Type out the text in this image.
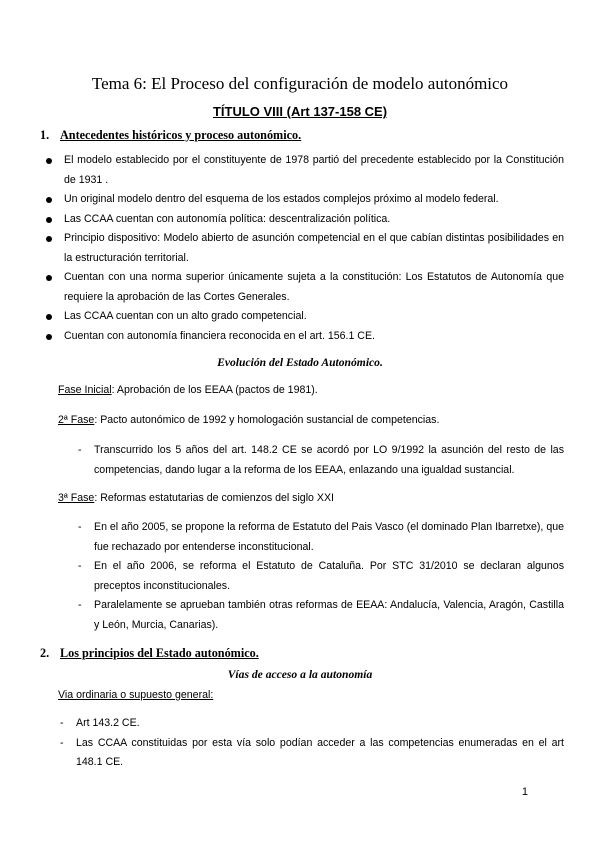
Tema 6: El Proceso del configuración de modelo autonómico
TÍTULO VIII (Art 137-158 CE)
1. Antecedentes históricos y proceso autonómico.
El modelo establecido por el constituyente de 1978 partió del precedente establecido por la Constitución de 1931 .
Un original modelo dentro del esquema de los estados complejos próximo al modelo federal.
Las CCAA cuentan con autonomía política: descentralización política.
Principio dispositivo: Modelo abierto de asunción competencial en el que cabían distintas posibilidades en la estructuración territorial.
Cuentan con una norma superior únicamente sujeta a la constitución: Los Estatutos de Autonomía que requiere la aprobación de las Cortes Generales.
Las CCAA cuentan con un alto grado competencial.
Cuentan con autonomía financiera reconocida en el art. 156.1 CE.
Evolución del Estado Autonómico.
Fase Inicial: Aprobación de los EEAA (pactos de 1981).
2ª Fase: Pacto autonómico de 1992 y homologación sustancial de competencias.
- Transcurrido los 5 años del art. 148.2 CE se acordó por LO 9/1992 la asunción del resto de las competencias, dando lugar a la reforma de los EEAA, enlazando una igualdad sustancial.
3ª Fase: Reformas estatutarias de comienzos del siglo XXI
- En el año 2005, se propone la reforma de Estatuto del Pais Vasco (el dominado Plan Ibarretxe), que fue rechazado por entenderse inconstitucional.
- En el año 2006, se reforma el Estatuto de Cataluña. Por STC 31/2010 se declaran algunos preceptos inconstitucionales.
- Paralelamente se aprueban también otras reformas de EEAA: Andalucía, Valencia, Aragón, Castilla y León, Murcia, Canarias).
2. Los principios del Estado autonómico.
Vías de acceso a la autonomía
Via ordinaria o supuesto general:
- Art 143.2 CE.
- Las CCAA constituidas por esta vía solo podían acceder a las competencias enumeradas en el art 148.1 CE.
1
